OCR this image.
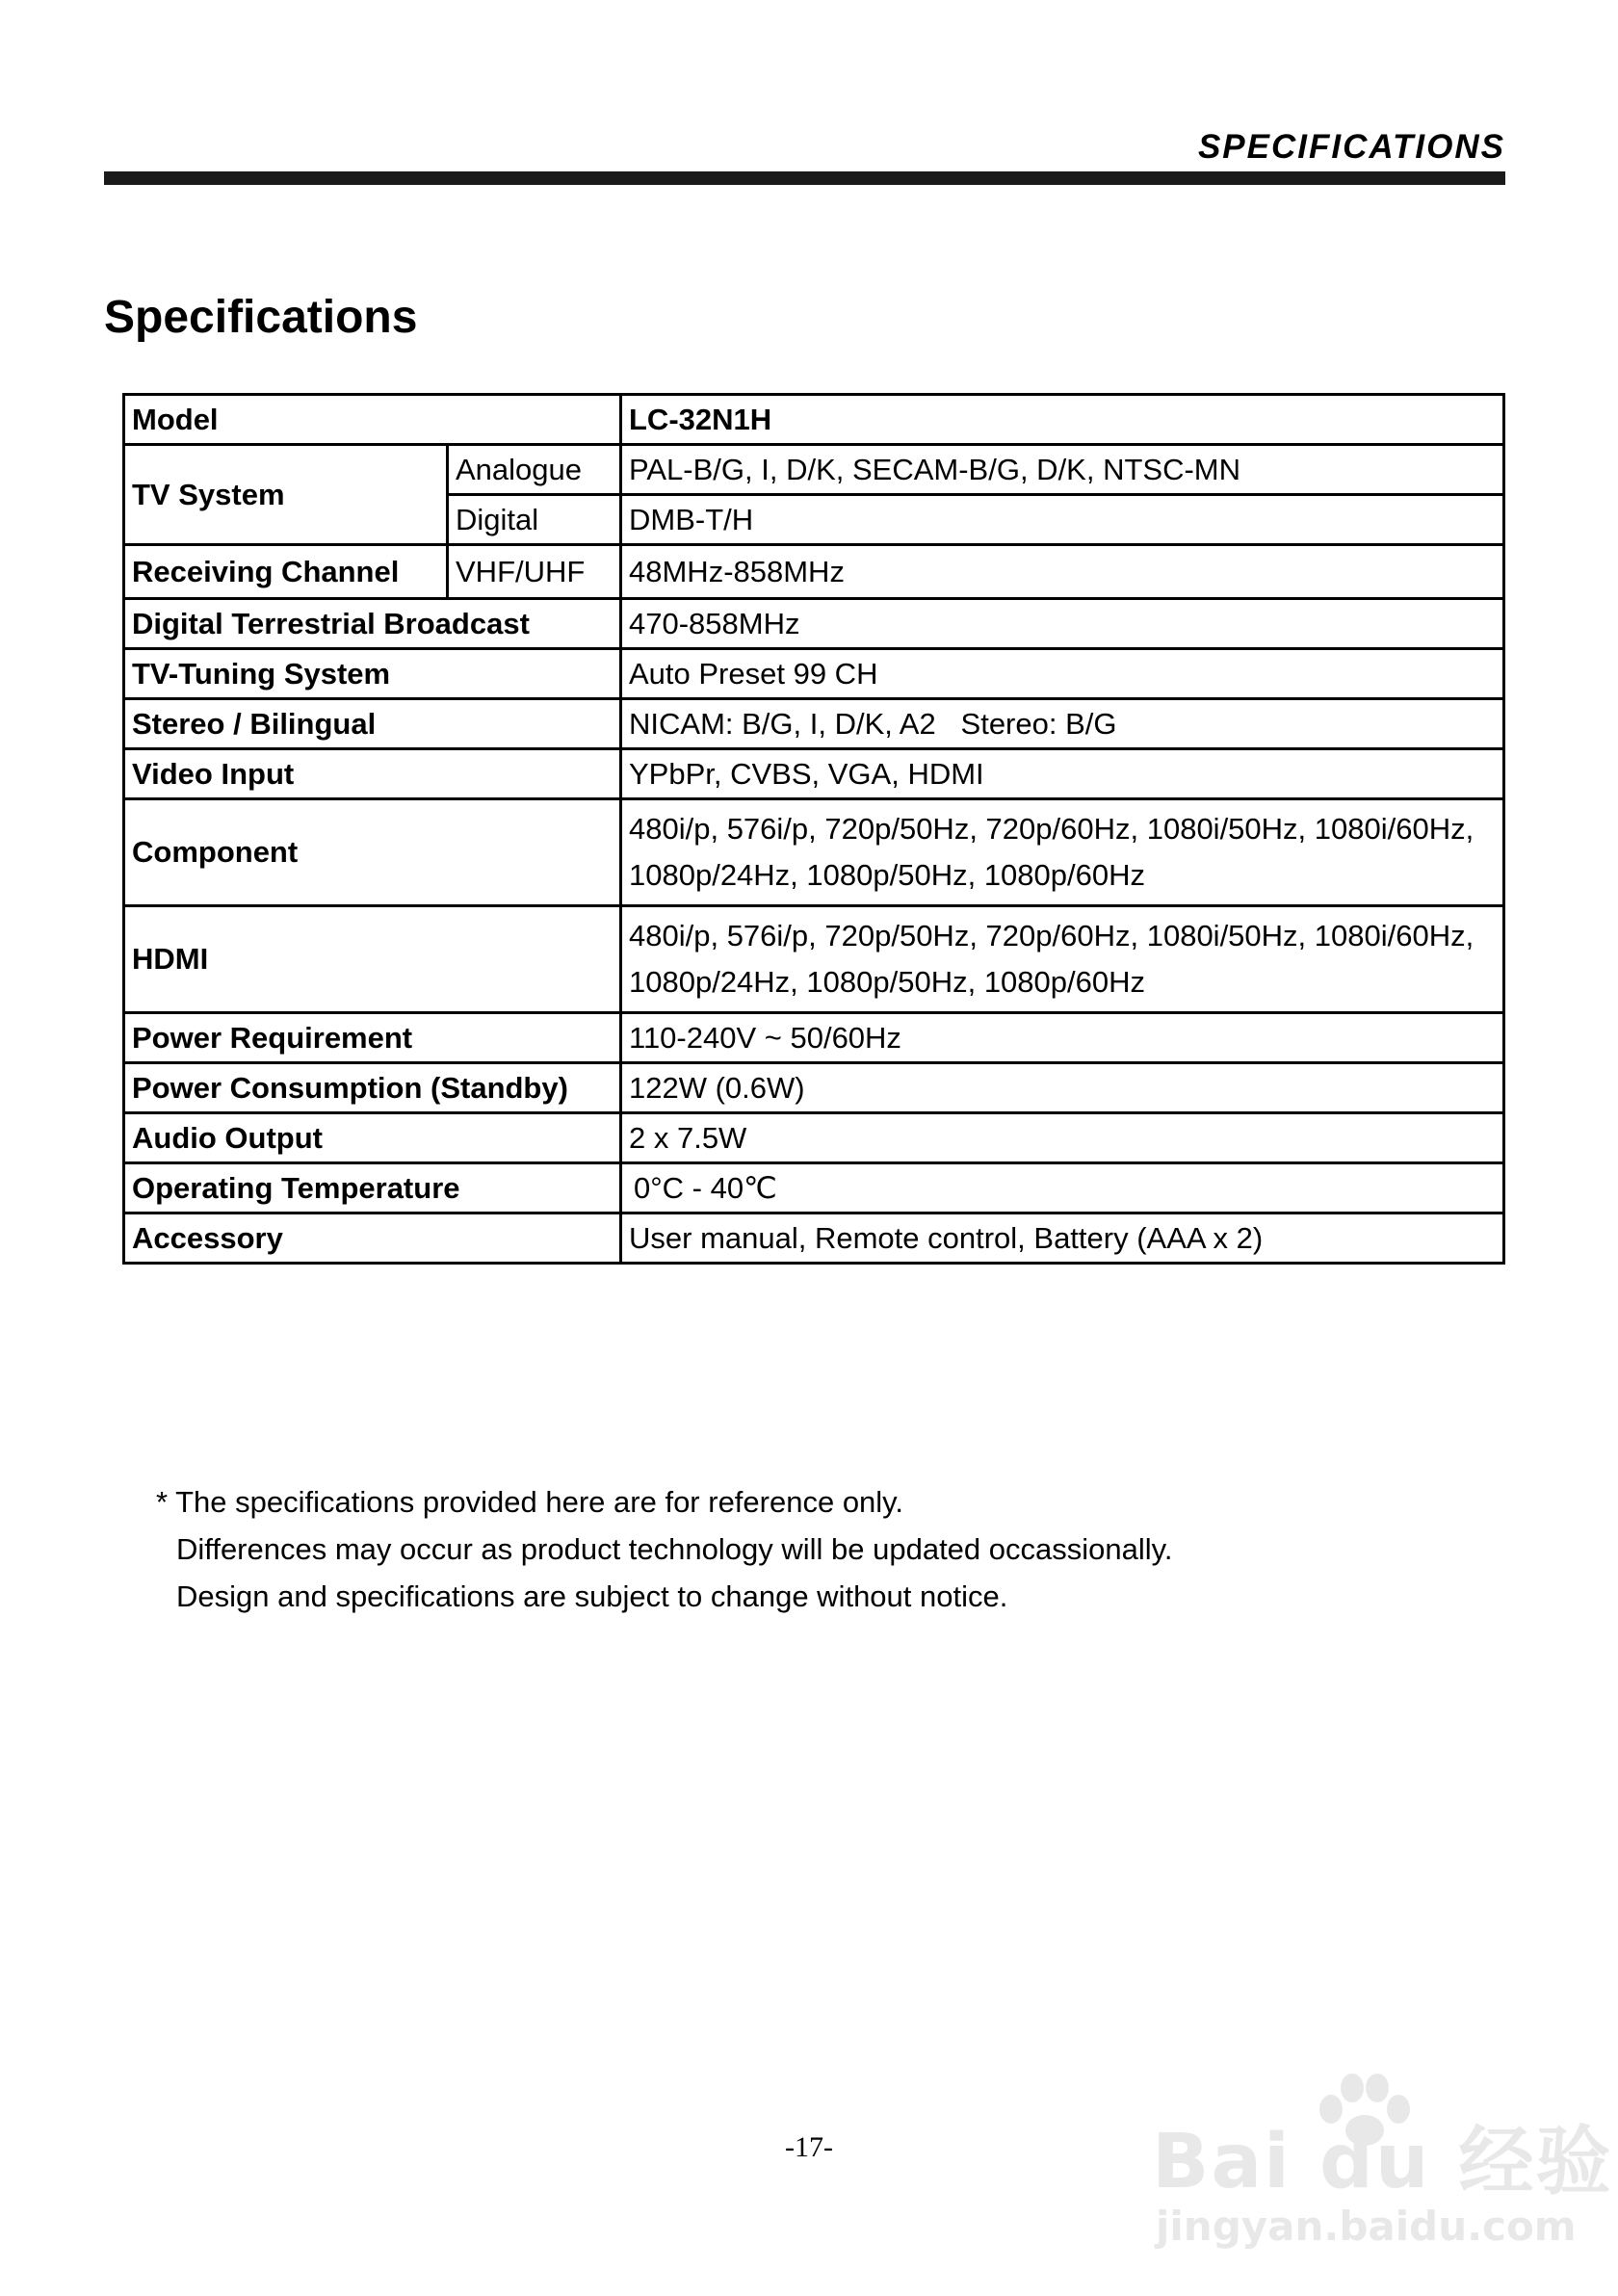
SPECIFICATIONS
Specifications
Model		LC-32N1H
TV System	Analogue	PAL-B/G, I, D/K, SECAM-B/G, D/K, NTSC-MN
	Digital	DMB-T/H
Receiving Channel	VHF/UHF	48MHz-858MHz
Digital Terrestrial Broadcast		470-858MHz
TV-Tuning System		Auto Preset 99 CH
Stereo / Bilingual		NICAM: B/G, I, D/K, A2   Stereo: B/G
Video Input		YPbPr, CVBS, VGA, HDMI
Component		480i/p, 576i/p, 720p/50Hz, 720p/60Hz, 1080i/50Hz, 1080i/60Hz,
1080p/24Hz, 1080p/50Hz, 1080p/60Hz

HDMI		480i/p, 576i/p, 720p/50Hz, 720p/60Hz, 1080i/50Hz, 1080i/60Hz,
1080p/24Hz, 1080p/50Hz, 1080p/60Hz

Power Requirement		110-240V ~ 50/60Hz
Power Consumption (Standby)		122W (0.6W)
Audio Output		2 x 7.5W
Operating Temperature		0°C - 40℃
Accessory		User manual, Remote control, Battery (AAA x 2)

* The specifications provided here are for reference only.

Differences may occur as product technology will be updated occassionally.

Design and specifications are subject to change without notice.

-17-	Bai du 经验
jingyan.baidu.com
